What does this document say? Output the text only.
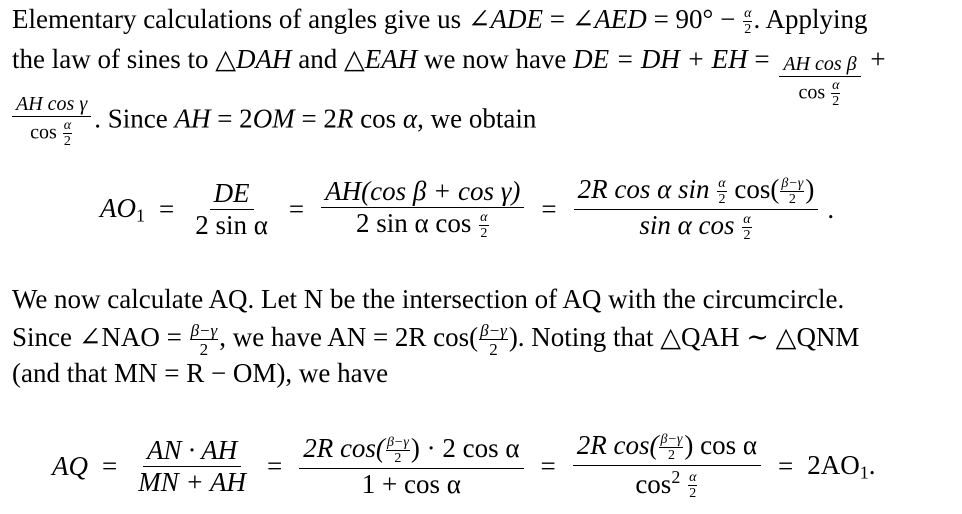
Elementary calculations of angles give us ∠ADE = ∠AED = $90^\circ - \frac{\alpha}{2}$ . Applying
the law of sines to △DAH and △EAH we now have DE = DH + EH = $\frac{\text{AH cos β}}{\cos \frac{\alpha}{2}}$ +
$\frac{\text{AH cos γ}}{\cos \frac{\alpha}{2}}$ . Since AH = 2OM = 2R cos α, we obtain
$AO_1 = \frac{DE}{\text{2 sin α}} = \frac{\text{AH(cos β + cos γ)}}{2 \sin \alpha \cos \frac{\alpha}{2}} = \frac{2R \cos \alpha \sin \frac{\alpha}{2} \cos( \frac{\beta-\gamma}{2} )}{\sin \alpha \cos \frac{\alpha}{2}}$ .
We now calculate AQ. Let N be the intersection of AQ with the circumcircle.
Since ∠NAO = $\frac{\beta-\gamma}{2}$ , we have AN = 2R $\cos( \frac{\beta-\gamma}{2}$ ). Noting that △QAH ∼ △QNM
(and that MN = R − OM), we have
AQ = $\frac{AN \cdot AH}{MN + AH} = \frac{2R \cos( \frac{\beta-\gamma}{2} ) \cdot 2 \cos \alpha}{\text{1 + cos α}} = \frac{2R \cos( \frac{\beta-\gamma}{2} ) \cos \alpha}{\cos^2 \frac{\alpha}{2}} = 2AO_1$.
